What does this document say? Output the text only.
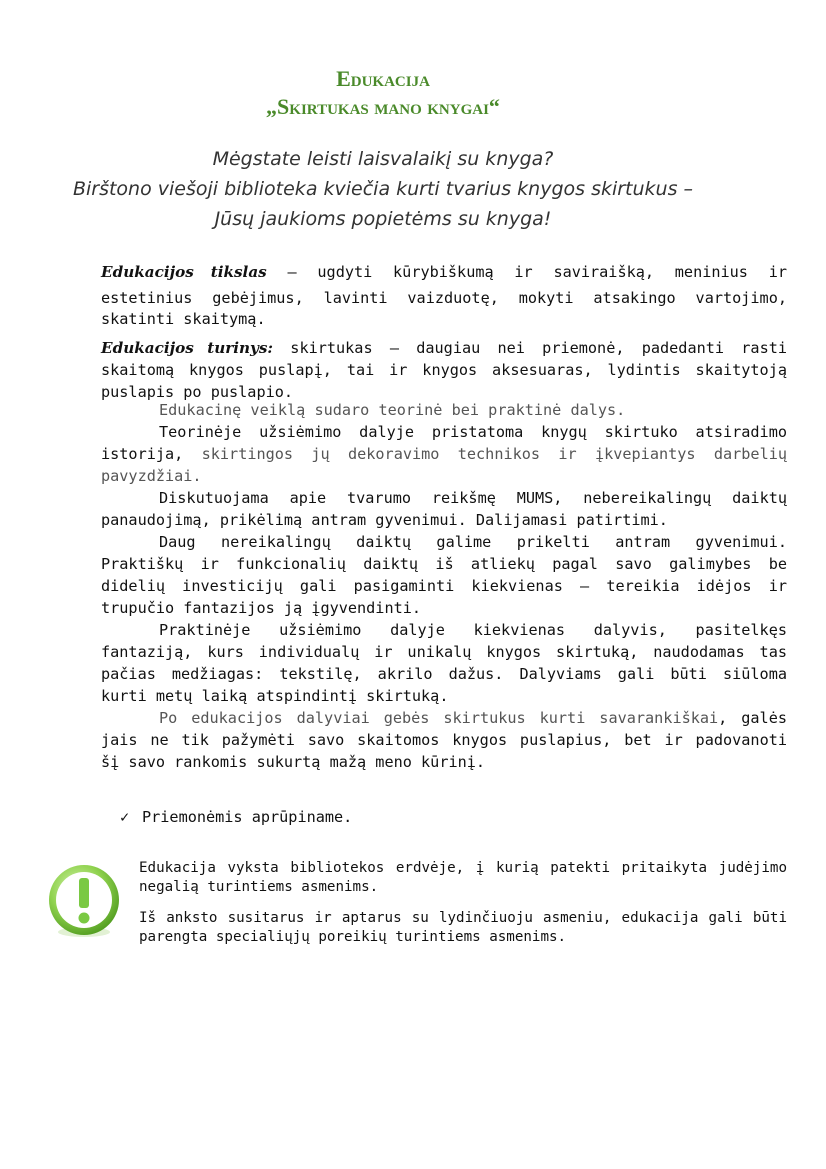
Edukacija
„Skirtukas mano knygai“
Mėgstate leisti laisvalaikį su knyga?
Birštono viešoji biblioteka kviečia kurti tvarius knygos skirtukus –
Jūsų jaukioms popietėms su knyga!
Edukacijos tikslas – ugdyti kūrybiškumą ir saviraišką, meninius ir
estetinius gebėjimus, lavinti vaizduotę, mokyti atsakingo vartojimo,
skatinti skaitymą.
Edukacijos turinys: skirtukas – daugiau nei priemonė, padedanti rasti
skaitomą knygos puslapį, tai ir knygos aksesuaras, lydintis skaitytoją
puslapis po puslapio.
Edukacinę veiklą sudaro teorinė bei praktinė dalys.
Teorinėje užsiėmimo dalyje pristatoma knygų skirtuko atsiradimo
istorija, skirtingos jų dekoravimo technikos ir įkvepiantys darbelių
pavyzdžiai.
Diskutuojama apie tvarumo reikšmę MUMS, nebereikalingų daiktų
panaudojimą, prikėlimą antram gyvenimui. Dalijamasi patirtimi.
Daug nereikalingų daiktų galime prikelti antram gyvenimui.
Praktiškų ir funkcionalių daiktų iš atliekų pagal savo galimybes be
didelių investicijų gali pasigaminti kiekvienas – tereikia idėjos ir
trupučio fantazijos ją įgyvendinti.
Praktinėje užsiėmimo dalyje kiekvienas dalyvis, pasitelkęs
fantaziją, kurs individualų ir unikalų knygos skirtuką, naudodamas tas
pačias medžiagas: tekstilę, akrilo dažus. Dalyviams gali būti siūloma
kurti metų laiką atspindintį skirtuką.
Po edukacijos dalyviai gebės skirtukus kurti savarankiškai, galės
jais ne tik pažymėti savo skaitomos knygos puslapius, bet ir padovanoti
šį savo rankomis sukurtą mažą meno kūrinį.
✓ Priemonėmis aprūpiname.
Edukacija vyksta bibliotekos erdvėje, į kurią patekti pritaikyta judėjimo
negalią turintiems asmenims.
Iš anksto susitarus ir aptarus su lydinčiuoju asmeniu, edukacija gali būti
parengta specialiųjų poreikių turintiems asmenims.
